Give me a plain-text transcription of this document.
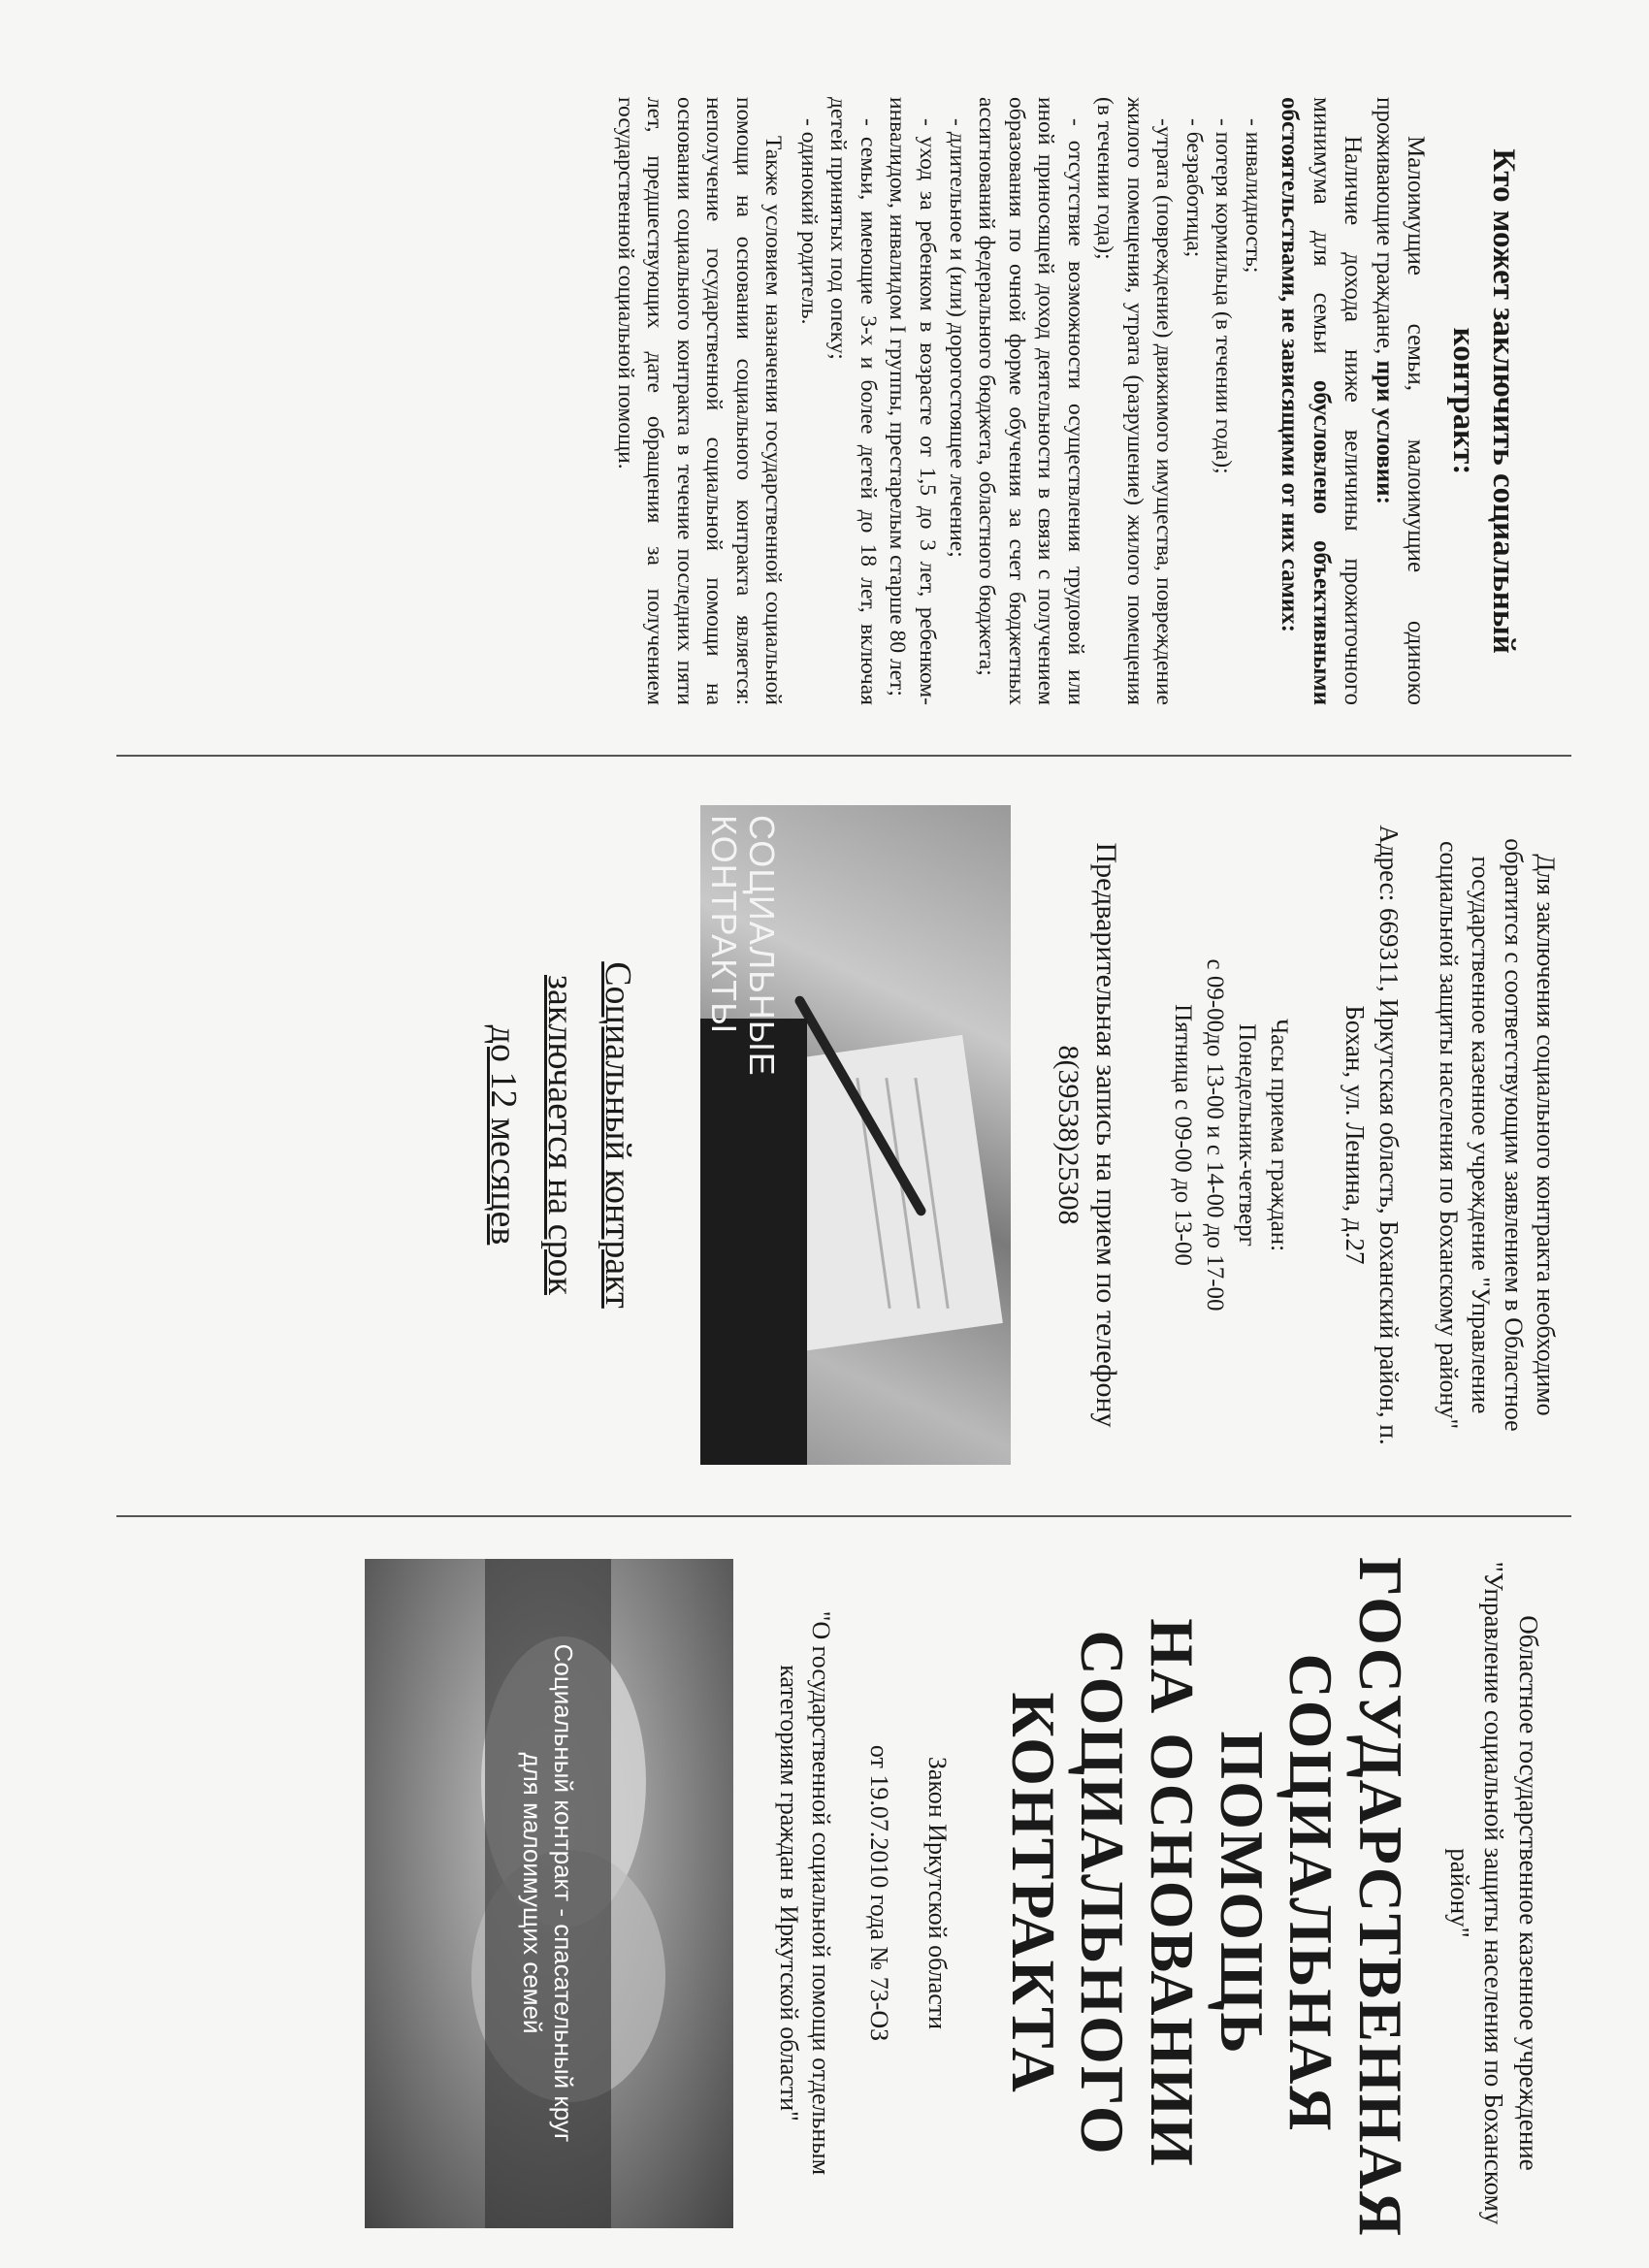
Кто может заключить социальный контракт:

Малоимущие семьи, малоимущие одиноко проживающие граждане, при условии:

Наличие дохода ниже величины прожиточного минимума для семьи обусловлено объективными обстоятельствами, не зависящими от них самих:

- инвалидность;
- потеря кормильца (в течении года);
- безработица;
-утрата (повреждение) движимого имущества, повреждение жилого помещения, утрата (разрушение) жилого помещения (в течении года);
- отсутствие возможности осуществления трудовой или иной приносящей доход деятельности в связи с получением образования по очной форме обучения за счет бюджетных ассигнований федерального бюджета, областного бюджета;
- длительное и (или) дорогостоящее лечение;
- уход за ребенком в возрасте от 1,5 до 3 лет, ребенком-инвалидом, инвалидом I группы, престарелым старше 80 лет;
- семьи, имеющие 3-х и более детей до 18 лет, включая детей принятых под опеку;
- одинокий родитель.

Также условием назначения государственной социальной помощи на основании социального контракта является: неполучение государственной социальной помощи на основании социального контракта в течение последних пяти лет, предшествующих дате обращения за получением государственной социальной помощи.

Для заключения социального контракта необходимо обратится с соответствующим заявлением в Областное государственное казенное учреждение "Управление социальной защиты населения по Боханскому району"

Адрес: 669311, Иркутская область, Боханский район, п. Бохан, ул. Ленина, д.27

Часы приема граждан:

Понедельник-четверг

с 09-00до 13-00 и с 14-00 до 17-00

Пятница с 09-00 до 13-00

Предварительная запись на прием по телефону 8(39538)25308

СОЦИАЛЬНЫЕ
КОНТРАКТЫ

Социальный контракт

заключается на срок

до 12 месяцев

Областное государственное казенное учреждение "Управление социальной защиты населения по Боханскому району"

ГОСУДАРСТВЕННАЯ
СОЦИАЛЬНАЯ
ПОМОЩЬ
НА ОСНОВАНИИ
СОЦИАЛЬНОГО
КОНТРАКТА

Закон Иркутской области

от 19.07.2010 года № 73-ОЗ

"О государственной социальной помощи отдельным категориям граждан в Иркутской области"

Социальный контракт - спасательный круг для малоимущих семей
